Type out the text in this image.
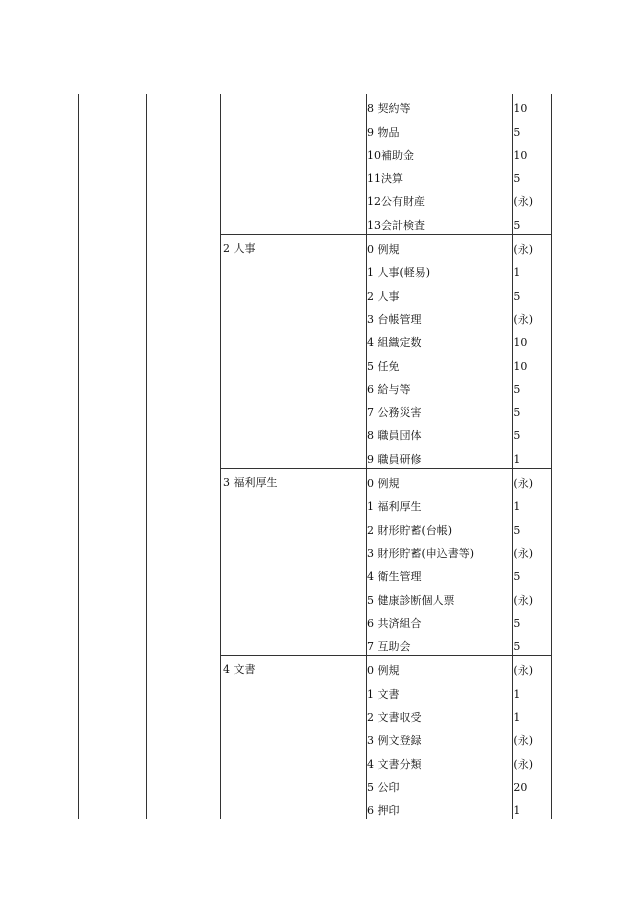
8 契約等	10
9 物品	5
10補助金	10
11決算	5
12公有財産	(永)
13会計検査	5
2 人事	0 例規	(永)
1 人事(軽易)	1
2 人事	5
3 台帳管理	(永)
4 組織定数	10
5 任免	10
6 給与等	5
7 公務災害	5
8 職員団体	5
9 職員研修	1
3 福利厚生	0 例規	(永)
1 福利厚生	1
2 財形貯蓄(台帳)	5
3 財形貯蓄(申込書等)	(永)
4 衛生管理	5
5 健康診断個人票	(永)
6 共済組合	5
7 互助会	5
4 文書	0 例規	(永)
1 文書	1
2 文書収受	1
3 例文登録	(永)
4 文書分類	(永)
5 公印	20
6 押印	1
